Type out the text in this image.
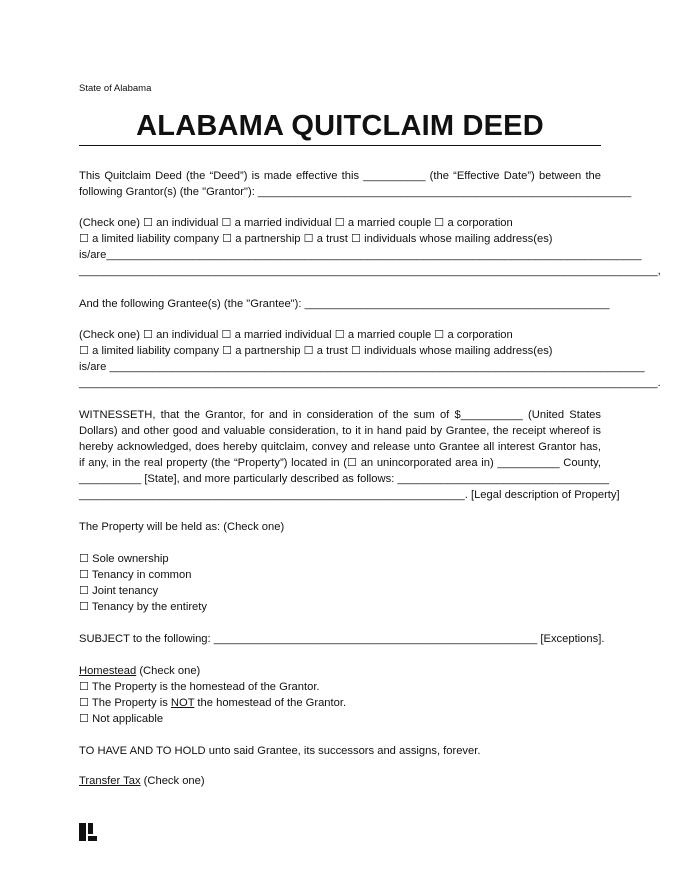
State of Alabama
ALABAMA QUITCLAIM DEED
This Quitclaim Deed (the “Deed”) is made effective this __________ (the “Effective Date”) between the
following Grantor(s) (the "Grantor"): ____________________________________________________________
(Check one) ☐ an individual ☐ a married individual ☐ a married couple ☐ a corporation
☐ a limited liability company ☐ a partnership ☐ a trust ☐ individuals whose mailing address(es)
is/are______________________________________________________________________________________
_____________________________________________________________________________________________,
And the following Grantee(s) (the "Grantee"): _________________________________________________
(Check one) ☐ an individual ☐ a married individual ☐ a married couple ☐ a corporation
☐ a limited liability company ☐ a partnership ☐ a trust ☐ individuals whose mailing address(es)
is/are ______________________________________________________________________________________
_____________________________________________________________________________________________.
WITNESSETH, that the Grantor, for and in consideration of the sum of $__________ (United States
Dollars) and other good and valuable consideration, to it in hand paid by Grantee, the receipt whereof is
hereby acknowledged, does hereby quitclaim, convey and release unto Grantee all interest Grantor has,
if any, in the real property (the “Property”) located in (☐ an unincorporated area in) __________ County,
__________ [State], and more particularly described as follows: __________________________________
______________________________________________________________. [Legal description of Property]
The Property will be held as: (Check one)
☐ Sole ownership
☐ Tenancy in common
☐ Joint tenancy
☐ Tenancy by the entirety
SUBJECT to the following: ____________________________________________________ [Exceptions].
Homestead (Check one)
☐ The Property is the homestead of the Grantor.
☐ The Property is NOT the homestead of the Grantor.
☐ Not applicable
TO HAVE AND TO HOLD unto said Grantee, its successors and assigns, forever.
Transfer Tax (Check one)
